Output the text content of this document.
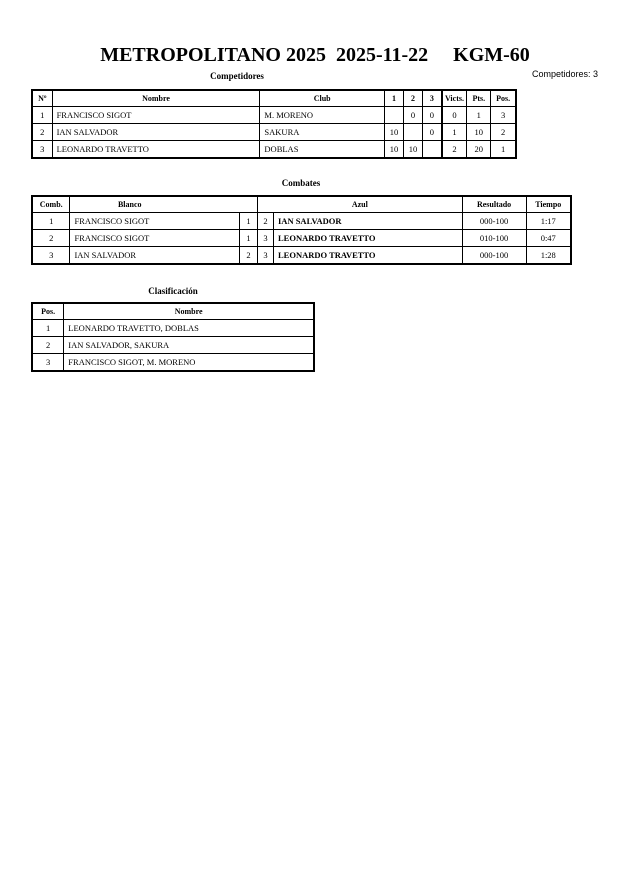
METROPOLITANO 2025  2025-11-22     KGM-60
Competidores: 3
Competidores
Nº	Nombre	Club	1	2	3	Victs.	Pts.	Pos.
1	FRANCISCO SIGOT	M. MORENO		0	0	0	1	3
2	IAN SALVADOR	SAKURA	10		0	1	10	2
3	LEONARDO TRAVETTO	DOBLAS	10	10		2	20	1
Combates
Comb.	Blanco		Azul		Resultado	Tiempo
1	FRANCISCO SIGOT	1	2	IAN SALVADOR	000-100	1:17
2	FRANCISCO SIGOT	1	3	LEONARDO TRAVETTO	010-100	0:47
3	IAN SALVADOR	2	3	LEONARDO TRAVETTO	000-100	1:28
Clasificación
Pos.	Nombre
1	LEONARDO TRAVETTO, DOBLAS
2	IAN SALVADOR, SAKURA
3	FRANCISCO SIGOT, M. MORENO
